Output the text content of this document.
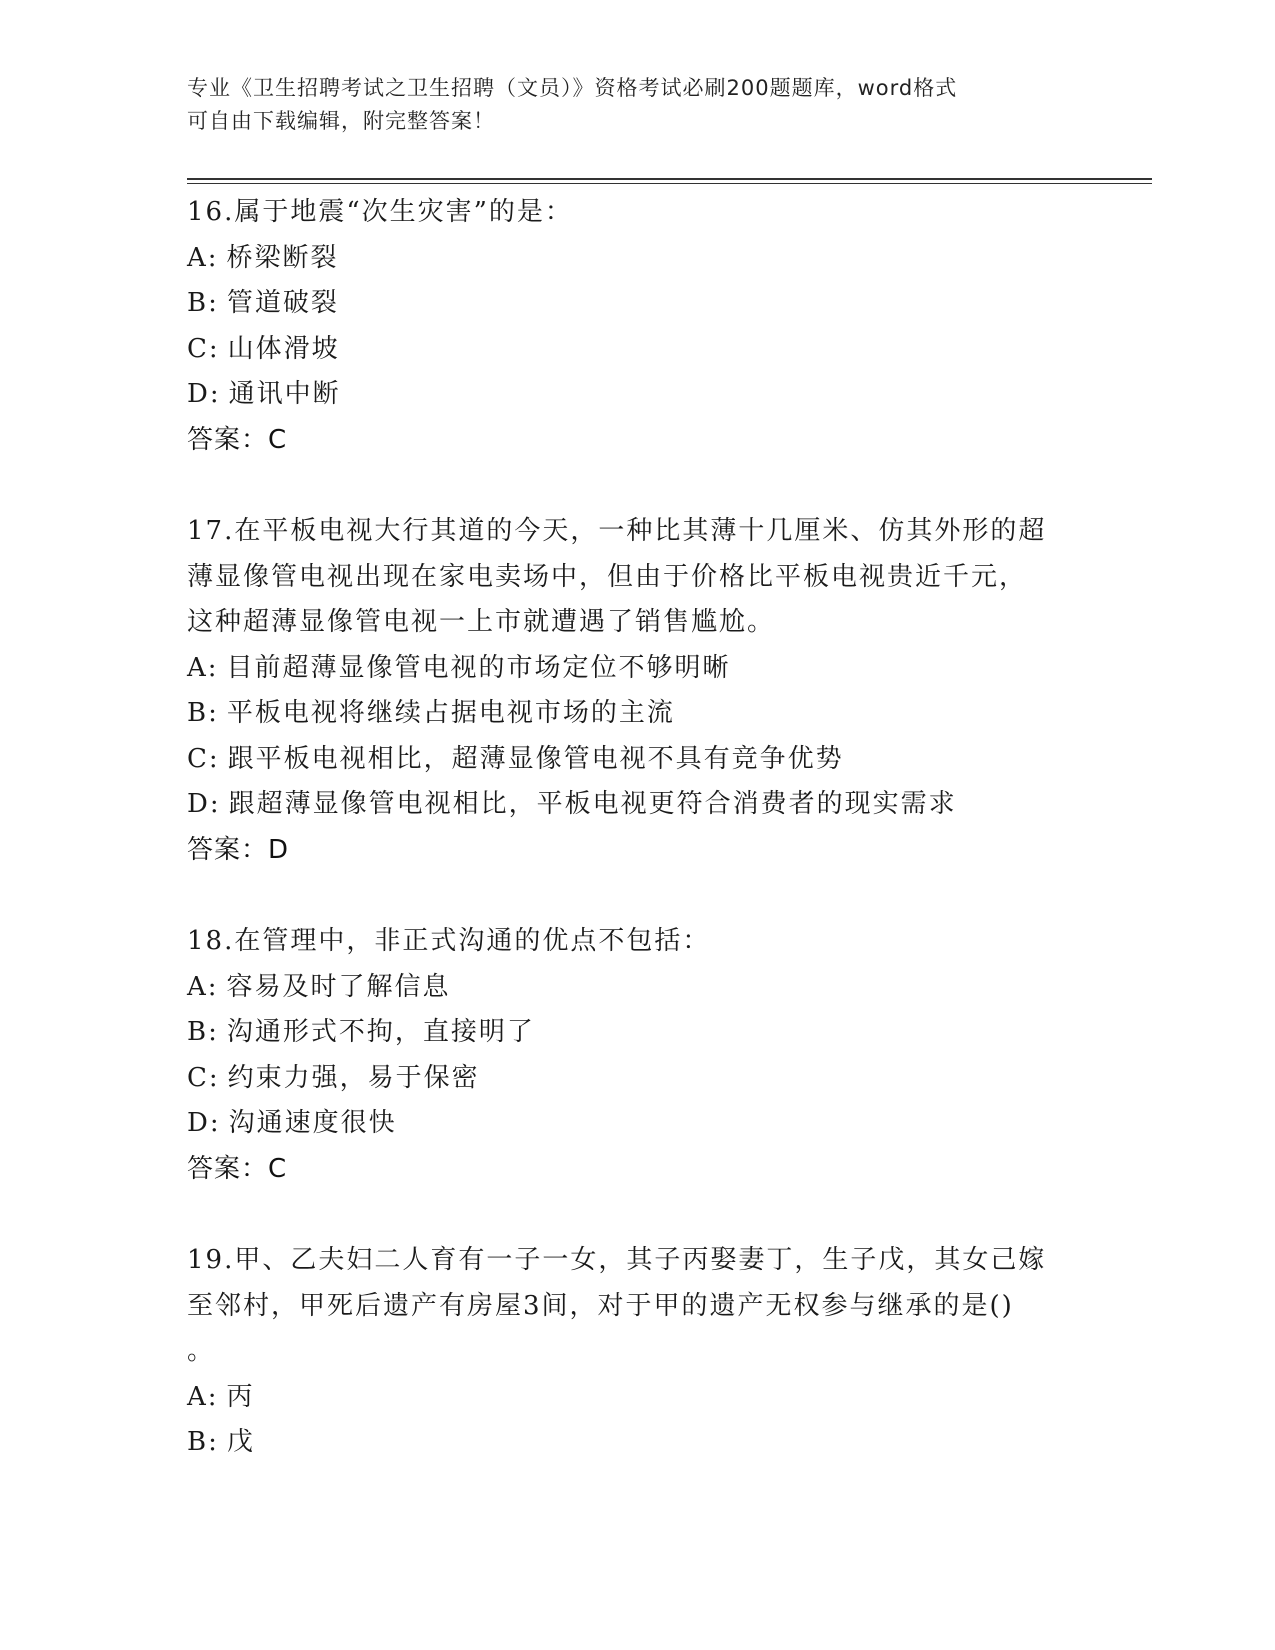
专业《卫生招聘考试之卫生招聘（文员）》资格考试必刷200题题库，word格式
可自由下载编辑，附完整答案！
16.属于地震“次生灾害”的是：
A: 桥梁断裂
B: 管道破裂
C: 山体滑坡
D: 通讯中断
答案：C
17.在平板电视大行其道的今天，一种比其薄十几厘米、仿其外形的超
薄显像管电视出现在家电卖场中，但由于价格比平板电视贵近千元，
这种超薄显像管电视一上市就遭遇了销售尴尬。
A: 目前超薄显像管电视的市场定位不够明晰
B: 平板电视将继续占据电视市场的主流
C: 跟平板电视相比，超薄显像管电视不具有竞争优势
D: 跟超薄显像管电视相比，平板电视更符合消费者的现实需求
答案：D
18.在管理中，非正式沟通的优点不包括：
A: 容易及时了解信息
B: 沟通形式不拘，直接明了
C: 约束力强，易于保密
D: 沟通速度很快
答案：C
19.甲、乙夫妇二人育有一子一女，其子丙娶妻丁，生子戊，其女己嫁
至邻村，甲死后遗产有房屋3间，对于甲的遗产无权参与继承的是()
。
A: 丙
B: 戊
